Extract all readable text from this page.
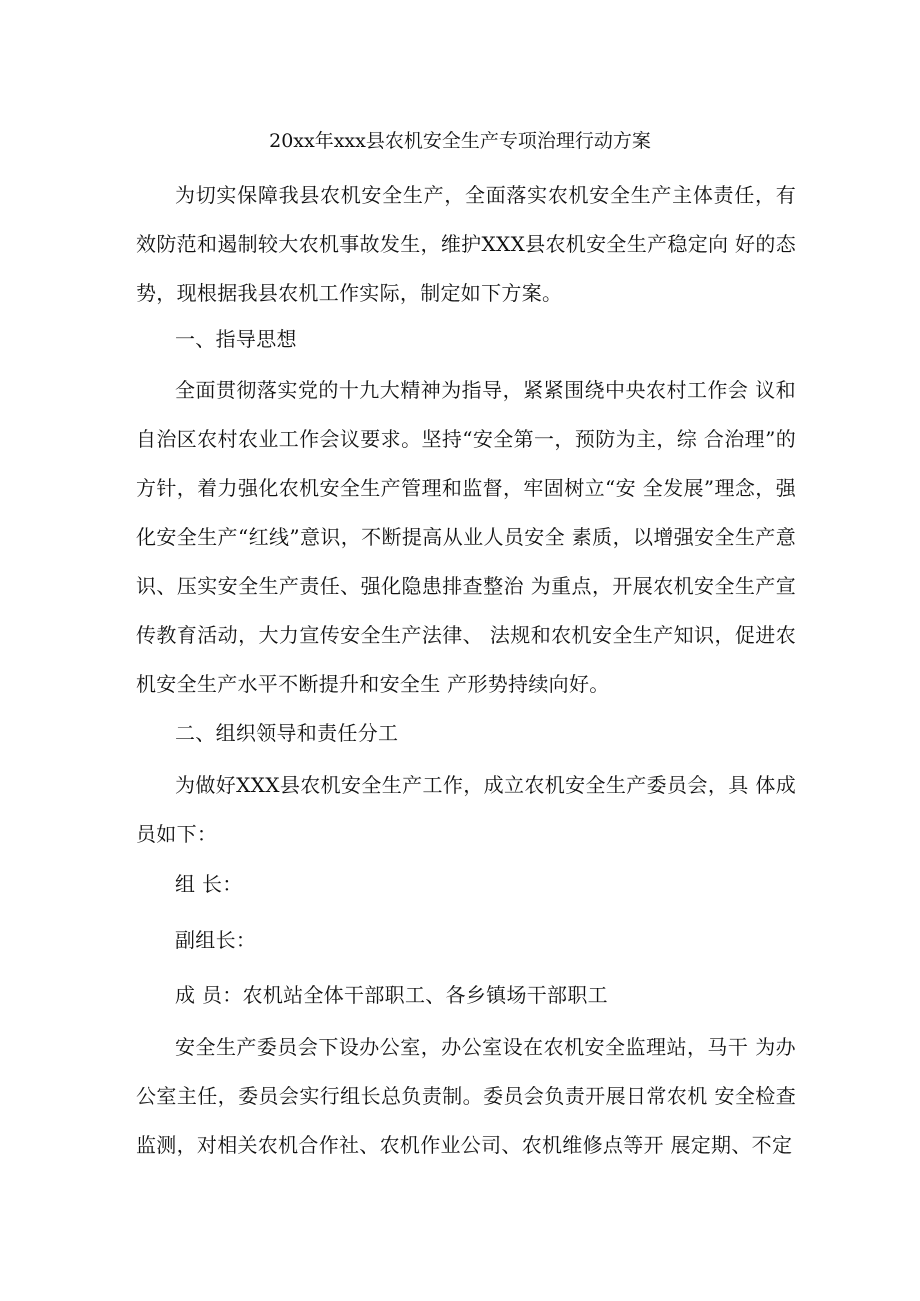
20xx年xxx县农机安全生产专项治理行动方案

为切实保障我县农机安全生产，全面落实农机安全生产主体责任，有效防范和遏制较大农机事故发生，维护XXX县农机安全生产稳定向 好的态势，现根据我县农机工作实际，制定如下方案。

一、指导思想

全面贯彻落实党的十九大精神为指导，紧紧围绕中央农村工作会 议和自治区农村农业工作会议要求。坚持“安全第一，预防为主，综 合治理”的方针，着力强化农机安全生产管理和监督，牢固树立“安 全发展”理念，强化安全生产“红线”意识，不断提高从业人员安全 素质，以增强安全生产意识、压实安全生产责任、强化隐患排查整治 为重点，开展农机安全生产宣传教育活动，大力宣传安全生产法律、 法规和农机安全生产知识，促进农机安全生产水平不断提升和安全生 产形势持续向好。

二、组织领导和责任分工

为做好XXX县农机安全生产工作，成立农机安全生产委员会，具 体成员如下：

组 长：
副组长：
成 员：农机站全体干部职工、各乡镇场干部职工

安全生产委员会下设办公室，办公室设在农机安全监理站，马干 为办公室主任，委员会实行组长总负责制。委员会负责开展日常农机 安全检查监测，对相关农机合作社、农机作业公司、农机维修点等开 展定期、不定
